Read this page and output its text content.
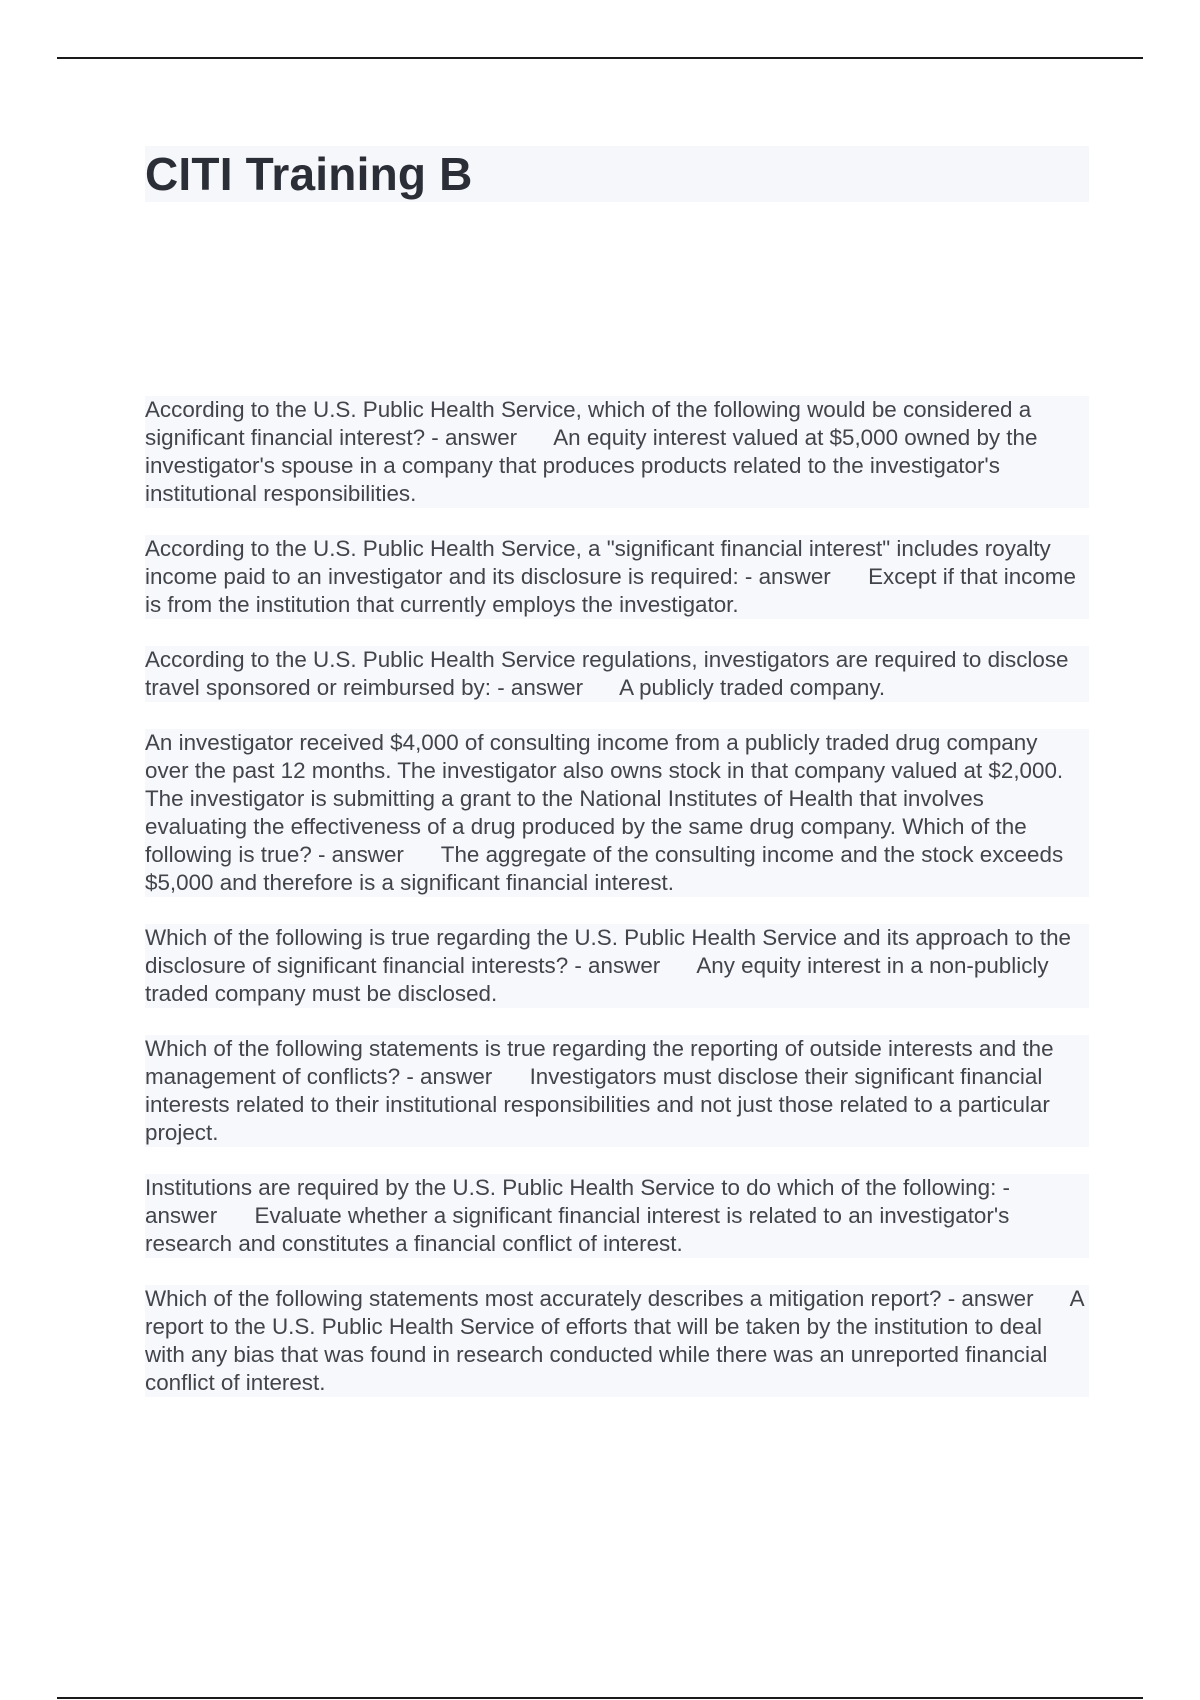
CITI Training B

According to the U.S. Public Health Service, which of the following would be considered a significant financial interest? - answer      An equity interest valued at $5,000 owned by the investigator's spouse in a company that produces products related to the investigator's institutional responsibilities.

According to the U.S. Public Health Service, a "significant financial interest" includes royalty income paid to an investigator and its disclosure is required: - answer      Except if that income is from the institution that currently employs the investigator.

According to the U.S. Public Health Service regulations, investigators are required to disclose travel sponsored or reimbursed by: - answer      A publicly traded company.

An investigator received $4,000 of consulting income from a publicly traded drug company over the past 12 months. The investigator also owns stock in that company valued at $2,000. The investigator is submitting a grant to the National Institutes of Health that involves evaluating the effectiveness of a drug produced by the same drug company. Which of the following is true? - answer      The aggregate of the consulting income and the stock exceeds $5,000 and therefore is a significant financial interest.

Which of the following is true regarding the U.S. Public Health Service and its approach to the disclosure of significant financial interests? - answer      Any equity interest in a non-publicly traded company must be disclosed.

Which of the following statements is true regarding the reporting of outside interests and the management of conflicts? - answer      Investigators must disclose their significant financial interests related to their institutional responsibilities and not just those related to a particular project.

Institutions are required by the U.S. Public Health Service to do which of the following: - answer      Evaluate whether a significant financial interest is related to an investigator's research and constitutes a financial conflict of interest.

Which of the following statements most accurately describes a mitigation report? - answer      A report to the U.S. Public Health Service of efforts that will be taken by the institution to deal with any bias that was found in research conducted while there was an unreported financial conflict of interest.
